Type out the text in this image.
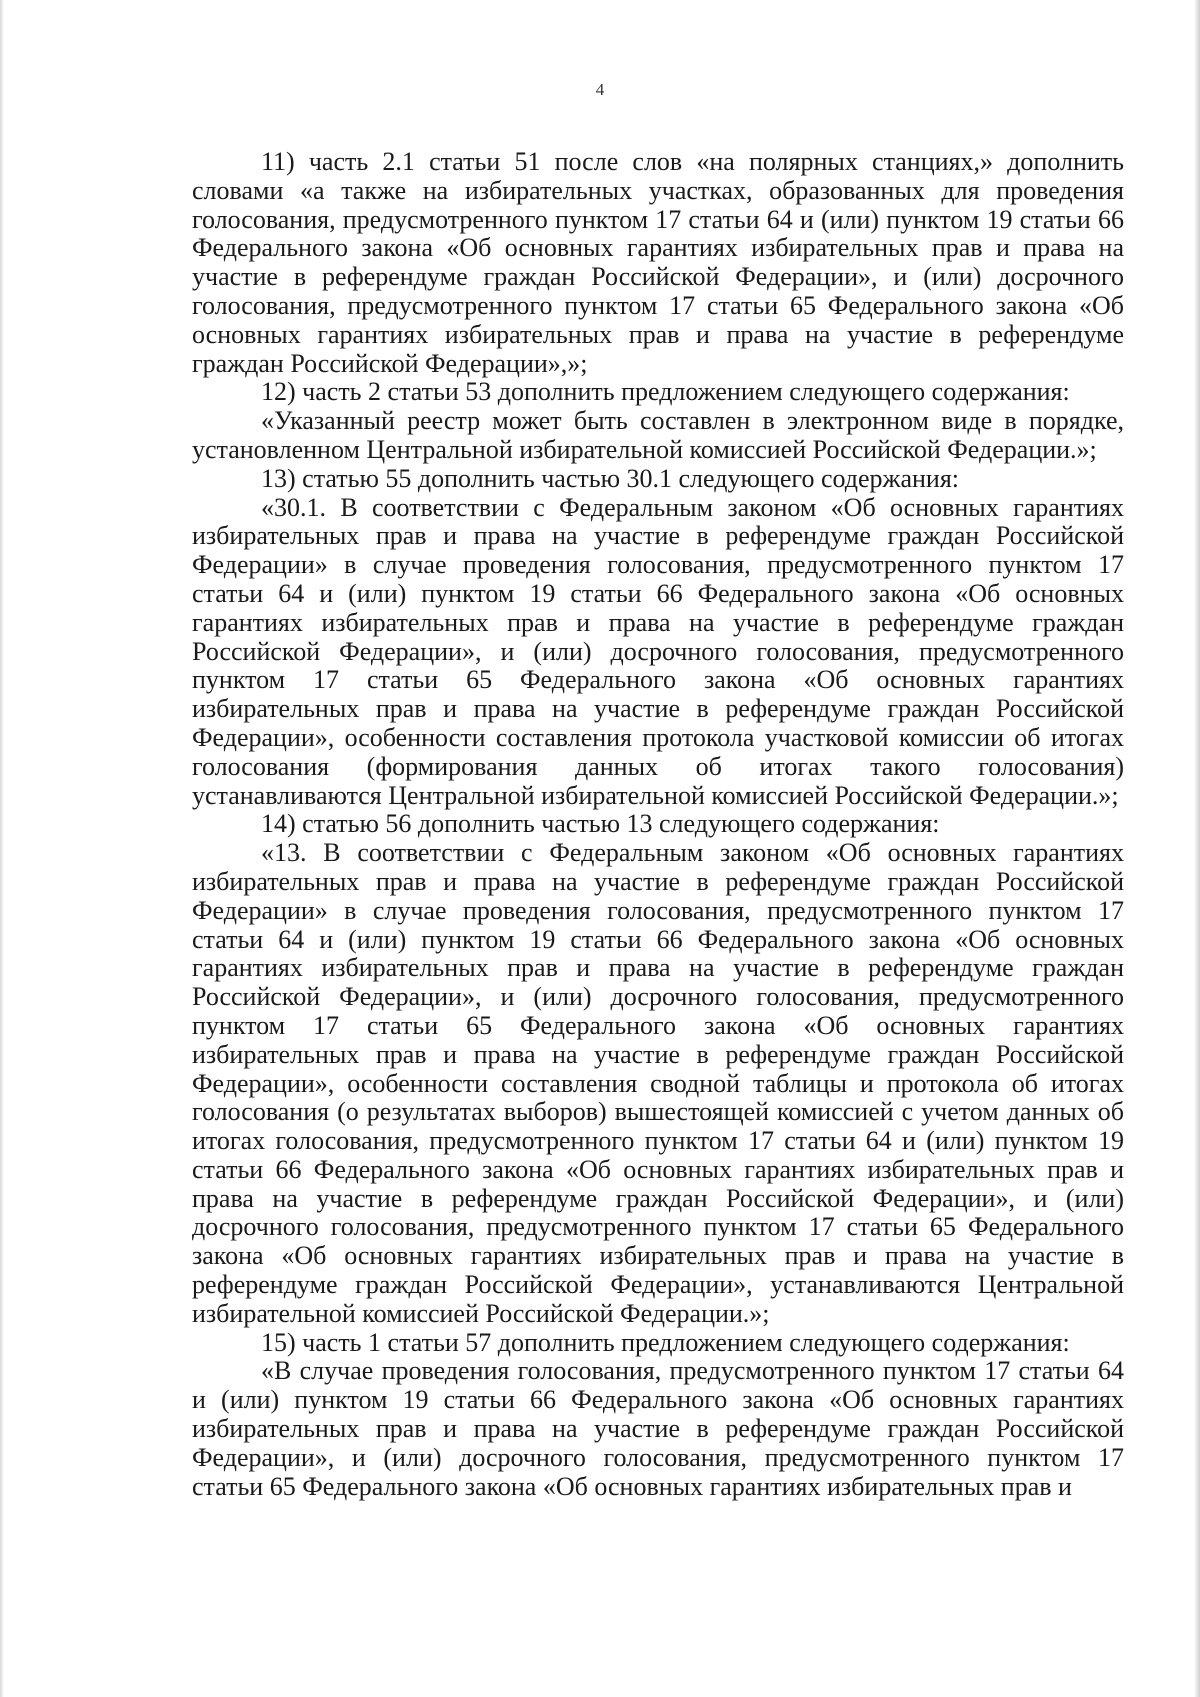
4

11) часть 2.1 статьи 51 после слов «на полярных станциях,» дополнить словами «а также на избирательных участках, образованных для проведения голосования, предусмотренного пунктом 17 статьи 64 и (или) пунктом 19 статьи 66 Федерального закона «Об основных гарантиях избирательных прав и права на участие в референдуме граждан Российской Федерации», и (или) досрочного голосования, предусмотренного пунктом 17 статьи 65 Федерального закона «Об основных гарантиях избирательных прав и права на участие в референдуме граждан Российской Федерации»,»;

12) часть 2 статьи 53 дополнить предложением следующего содержания:

«Указанный реестр может быть составлен в электронном виде в порядке, установленном Центральной избирательной комиссией Российской Федерации.»;

13) статью 55 дополнить частью 30.1 следующего содержания:

«30.1. В соответствии с Федеральным законом «Об основных гарантиях избирательных прав и права на участие в референдуме граждан Российской Федерации» в случае проведения голосования, предусмотренного пунктом 17 статьи 64 и (или) пунктом 19 статьи 66 Федерального закона «Об основных гарантиях избирательных прав и права на участие в референдуме граждан Российской Федерации», и (или) досрочного голосования, предусмотренного пунктом 17 статьи 65 Федерального закона «Об основных гарантиях избирательных прав и права на участие в референдуме граждан Российской Федерации», особенности составления протокола участковой комиссии об итогах голосования (формирования данных об итогах такого голосования) устанавливаются Центральной избирательной комиссией Российской Федерации.»;

14) статью 56 дополнить частью 13 следующего содержания:

«13. В соответствии с Федеральным законом «Об основных гарантиях избирательных прав и права на участие в референдуме граждан Российской Федерации» в случае проведения голосования, предусмотренного пунктом 17 статьи 64 и (или) пунктом 19 статьи 66 Федерального закона «Об основных гарантиях избирательных прав и права на участие в референдуме граждан Российской Федерации», и (или) досрочного голосования, предусмотренного пунктом 17 статьи 65 Федерального закона «Об основных гарантиях избирательных прав и права на участие в референдуме граждан Российской Федерации», особенности составления сводной таблицы и протокола об итогах голосования (о результатах выборов) вышестоящей комиссией с учетом данных об итогах голосования, предусмотренного пунктом 17 статьи 64 и (или) пунктом 19 статьи 66 Федерального закона «Об основных гарантиях избирательных прав и права на участие в референдуме граждан Российской Федерации», и (или) досрочного голосования, предусмотренного пунктом 17 статьи 65 Федерального закона «Об основных гарантиях избирательных прав и права на участие в референдуме граждан Российской Федерации», устанавливаются Центральной избирательной комиссией Российской Федерации.»;

15) часть 1 статьи 57 дополнить предложением следующего содержания:

«В случае проведения голосования, предусмотренного пунктом 17 статьи 64 и (или) пунктом 19 статьи 66 Федерального закона «Об основных гарантиях избирательных прав и права на участие в референдуме граждан Российской Федерации», и (или) досрочного голосования, предусмотренного пунктом 17 статьи 65 Федерального закона «Об основных гарантиях избирательных прав и
